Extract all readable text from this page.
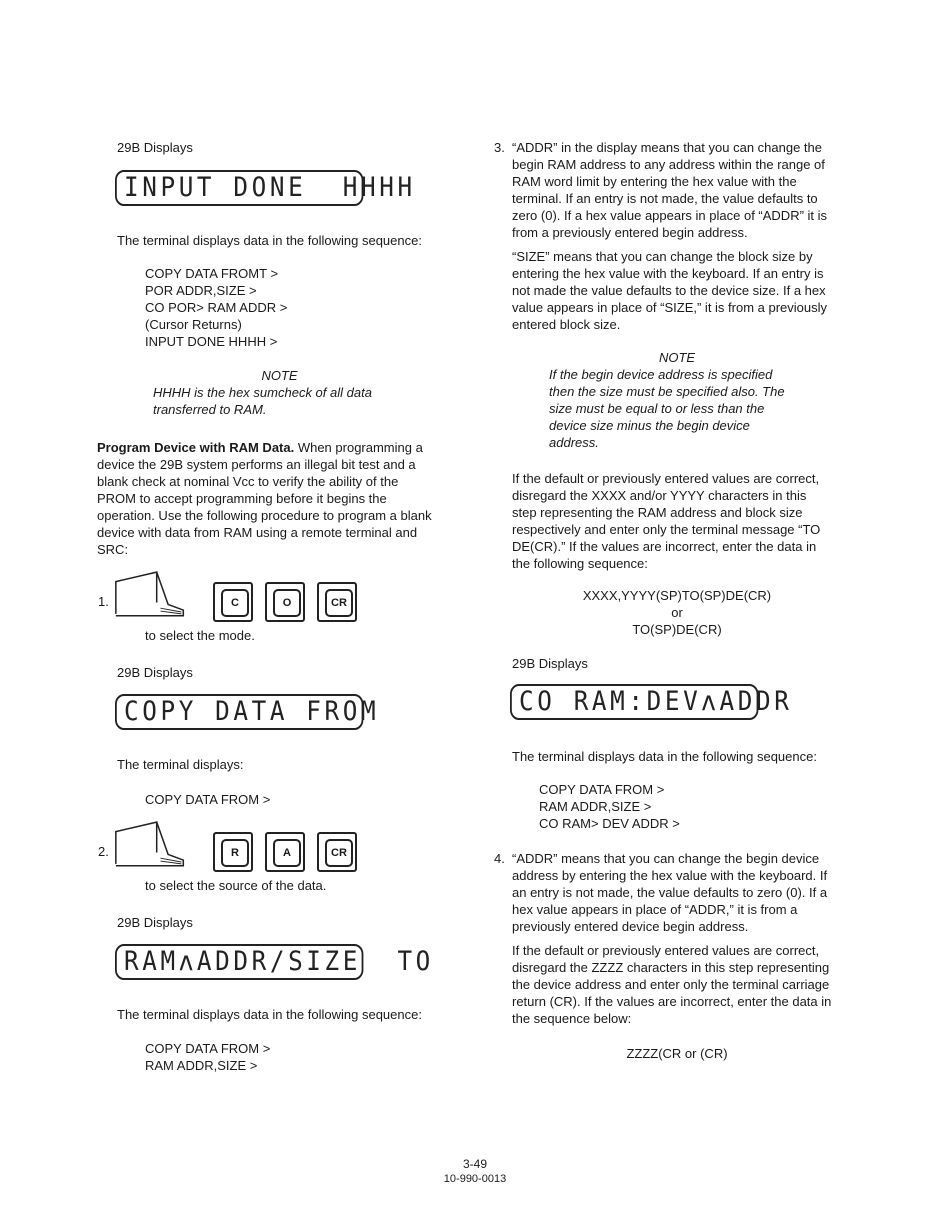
29B Displays

INPUT DONE  HHHH

The terminal displays data in the following sequence:

COPY DATA FROMT >

POR ADDR,SIZE >

CO POR> RAM ADDR >

(Cursor Returns)

INPUT DONE HHHH >

NOTE

HHHH is the hex sumcheck of all data

transferred to RAM.

Program Device with RAM Data. When programming a

device the 29B system performs an illegal bit test and a

blank check at nominal Vcc to verify the ability of the

PROM to accept programming before it begins the

operation. Use the following procedure to program a blank

device with data from RAM using a remote terminal and

SRC:

1.	C	O	CR

to select the mode.

29B Displays

COPY DATA FROM

The terminal displays:

COPY DATA FROM >

2.	R	A	CR

to select the source of the data.

29B Displays

RAMʌADDR/SIZE  TO

The terminal displays data in the following sequence:

COPY DATA FROM >

RAM ADDR,SIZE >

3. “ADDR” in the display means that you can change the

begin RAM address to any address within the range of

RAM word limit by entering the hex value with the

terminal. If an entry is not made, the value defaults to

zero (0). If a hex value appears in place of “ADDR” it is

from a previously entered begin address.

“SIZE” means that you can change the block size by

entering the hex value with the keyboard. If an entry is

not made the value defaults to the device size. If a hex

value appears in place of “SIZE,” it is from a previously

entered block size.

NOTE

If the begin device address is specified

then the size must be specified also. The

size must be equal to or less than the

device size minus the begin device

address.

If the default or previously entered values are correct,

disregard the XXXX and/or YYYY characters in this

step representing the RAM address and block size

respectively and enter only the terminal message “TO

DE(CR).” If the values are incorrect, enter the data in

the following sequence:

XXXX,YYYY(SP)TO(SP)DE(CR)

or

TO(SP)DE(CR)

29B Displays

CO RAM:DEVʌADDR

The terminal displays data in the following sequence:

COPY DATA FROM >

RAM ADDR,SIZE >

CO RAM> DEV ADDR >

4. “ADDR” means that you can change the begin device

address by entering the hex value with the keyboard. If

an entry is not made, the value defaults to zero (0). If a

hex value appears in place of “ADDR,” it is from a

previously entered device begin address.

If the default or previously entered values are correct,

disregard the ZZZZ characters in this step representing

the device address and enter only the terminal carriage

return (CR). If the values are incorrect, enter the data in

the sequence below:

ZZZZ(CR or (CR)

3-49

10-990-0013
